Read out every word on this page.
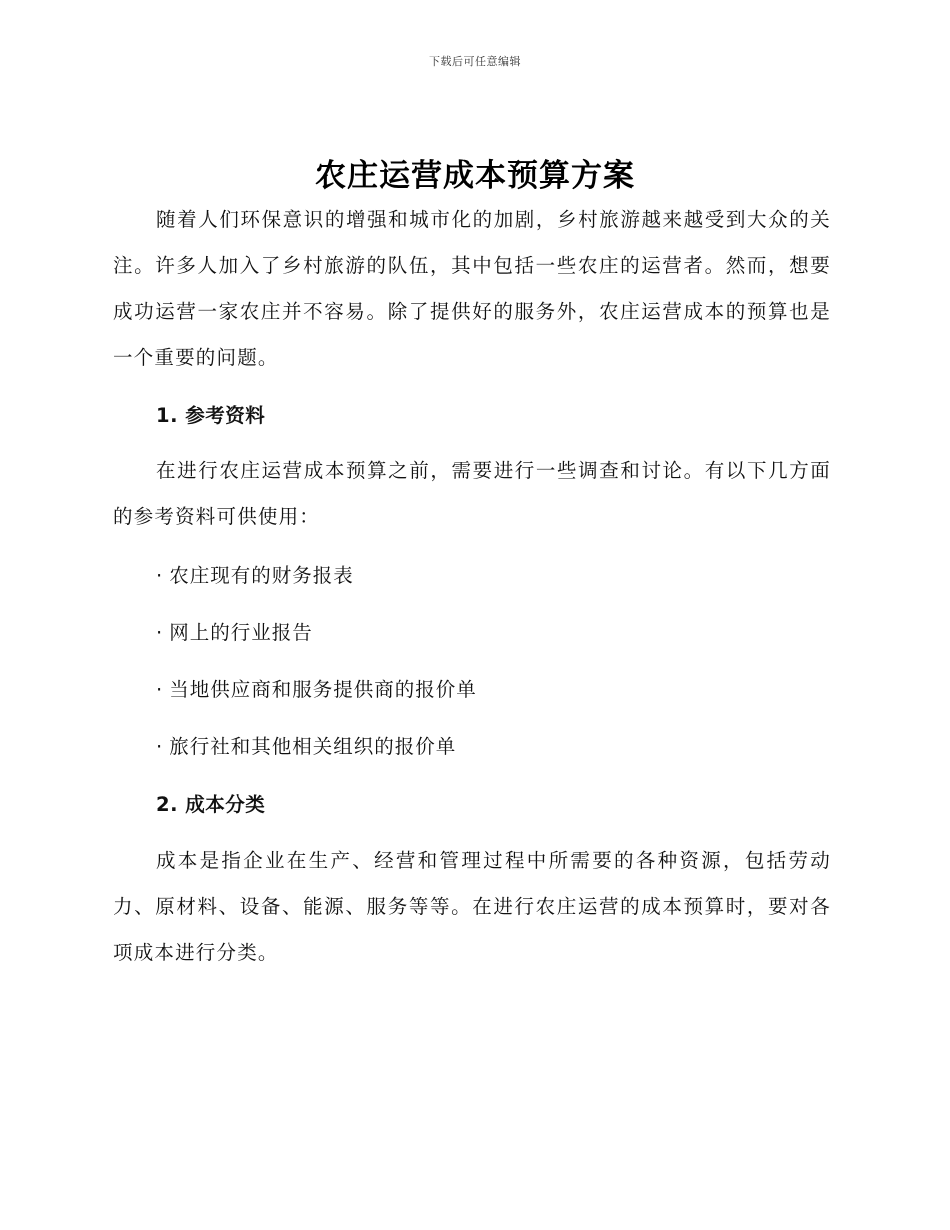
下载后可任意编辑
农庄运营成本预算方案
随着人们环保意识的增强和城市化的加剧，乡村旅游越来越受到大众的关注。许多人加入了乡村旅游的队伍，其中包括一些农庄的运营者。然而，想要成功运营一家农庄并不容易。除了提供好的服务外，农庄运营成本的预算也是一个重要的问题。
1. 参考资料
在进行农庄运营成本预算之前，需要进行一些调查和讨论。有以下几方面的参考资料可供使用：
· 农庄现有的财务报表
· 网上的行业报告
· 当地供应商和服务提供商的报价单
· 旅行社和其他相关组织的报价单
2. 成本分类
成本是指企业在生产、经营和管理过程中所需要的各种资源，包括劳动力、原材料、设备、能源、服务等等。在进行农庄运营的成本预算时，要对各项成本进行分类。
